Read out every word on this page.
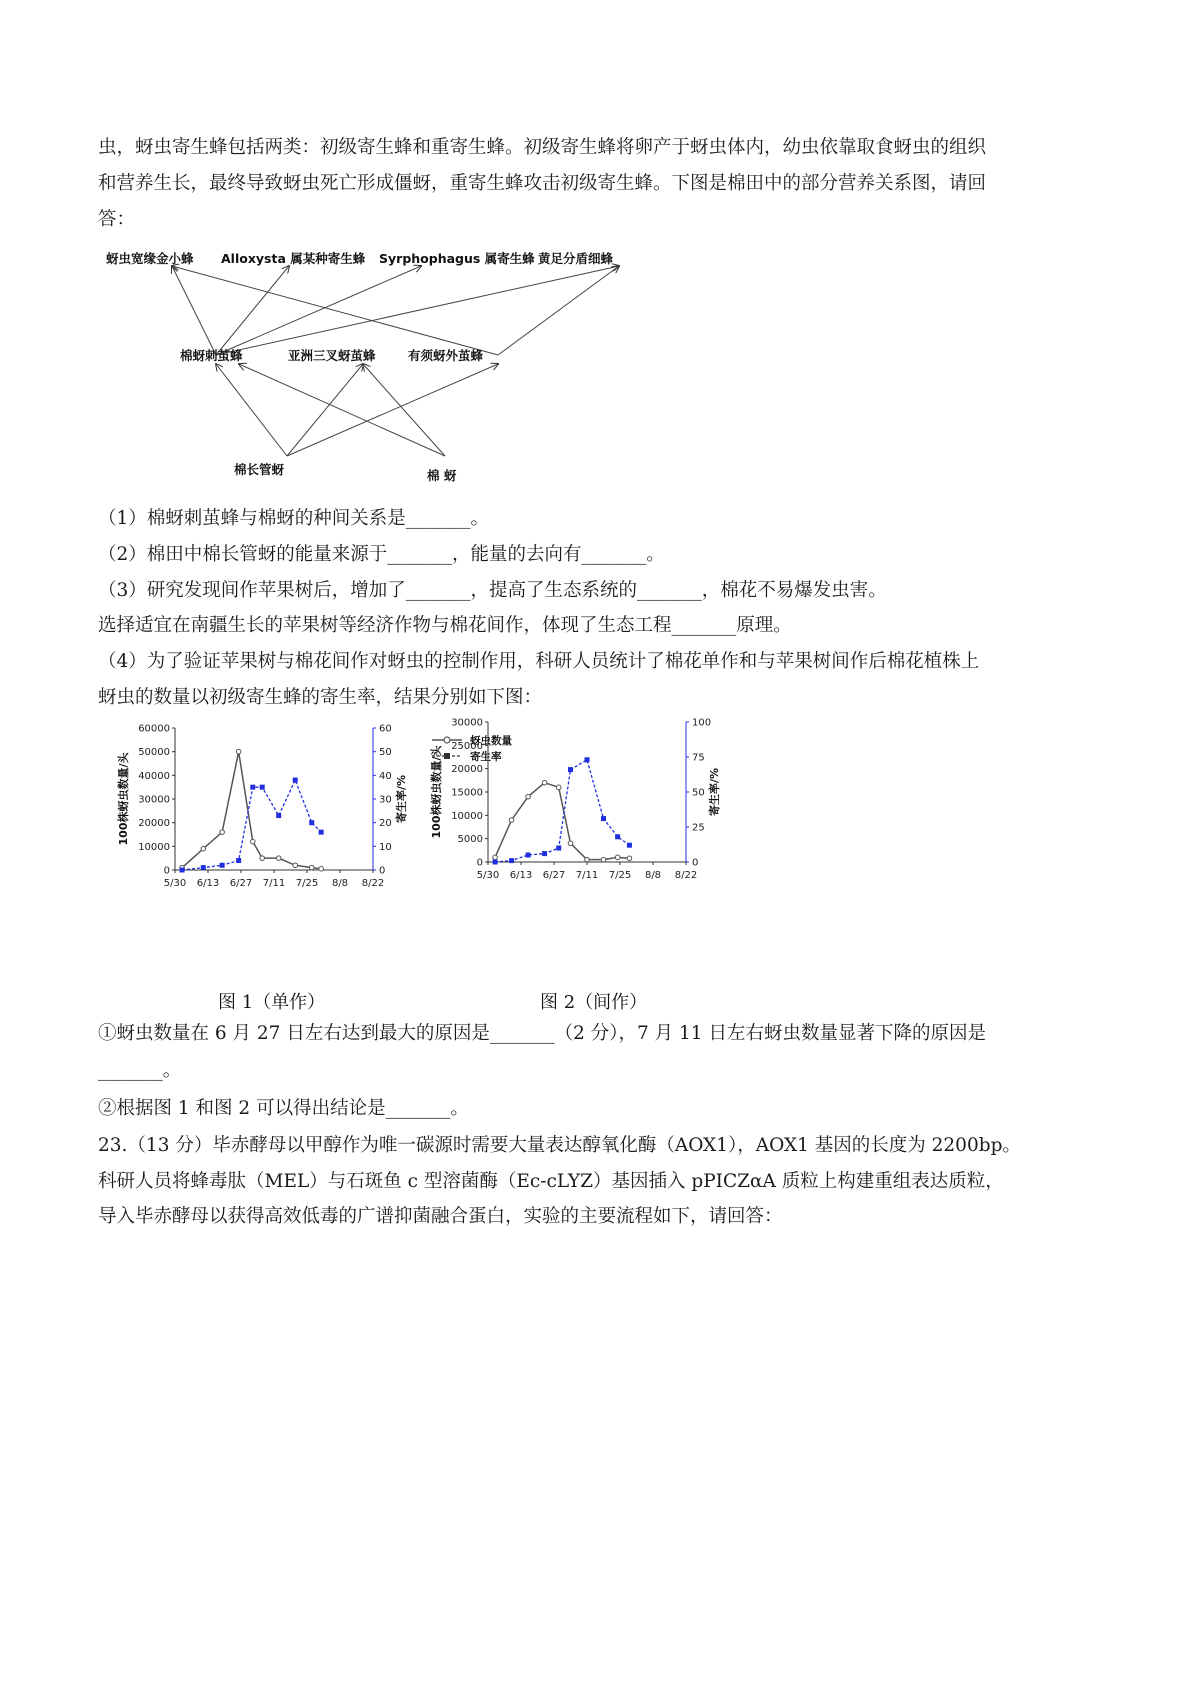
虫，蚜虫寄生蜂包括两类：初级寄生蜂和重寄生蜂。初级寄生蜂将卵产于蚜虫体内，幼虫依靠取食蚜虫的组织
和营养生长，最终导致蚜虫死亡形成僵蚜，重寄生蜂攻击初级寄生蜂。下图是棉田中的部分营养关系图，请回
答：
蚜虫宽缘金小蜂 Alloxysta 属某种寄生蜂 Syrphophagus 属寄生蜂 黄足分盾细蜂
棉蚜刺茧蜂	亚洲三叉蚜茧蜂	有须蚜外茧蜂
棉长管蚜	棉 蚜
（1）棉蚜刺茧蜂与棉蚜的种间关系是_______。
（2）棉田中棉长管蚜的能量来源于_______，能量的去向有_______。
（3）研究发现间作苹果树后，增加了_______，提高了生态系统的_______，棉花不易爆发虫害。
选择适宜在南疆生长的苹果树等经济作物与棉花间作，体现了生态工程_______原理。
（4）为了验证苹果树与棉花间作对蚜虫的控制作用，科研人员统计了棉花单作和与苹果树间作后棉花植株上
蚜虫的数量以初级寄生蜂的寄生率，结果分别如下图：
蚜虫数量
寄生率
0
10000
20000
30000
40000
50000
60000
0
10
20
30
40
50
60
5/30 6/13 6/27 7/11 7/25 8/8 8/22
100株蚜虫数量/头	寄生率/%
0
5000
10000
15000
20000
25000
30000
0
25
50
75
100
5/30 6/13 6/27 7/11 7/25 8/8 8/22
100株蚜虫数量/头	寄生率/%
图 1（单作）	图 2（间作）
①蚜虫数量在 6 月 27 日左右达到最大的原因是_______（2 分），7 月 11 日左右蚜虫数量显著下降的原因是
_______。
②根据图 1 和图 2 可以得出结论是_______。
23.（13 分）毕赤酵母以甲醇作为唯一碳源时需要大量表达醇氧化酶（AOX1），AOX1 基因的长度为 2200bp。
科研人员将蜂毒肽（MEL）与石斑鱼 c 型溶菌酶（Ec-cLYZ）基因插入 pPICZαA 质粒上构建重组表达质粒，
导入毕赤酵母以获得高效低毒的广谱抑菌融合蛋白，实验的主要流程如下，请回答：
